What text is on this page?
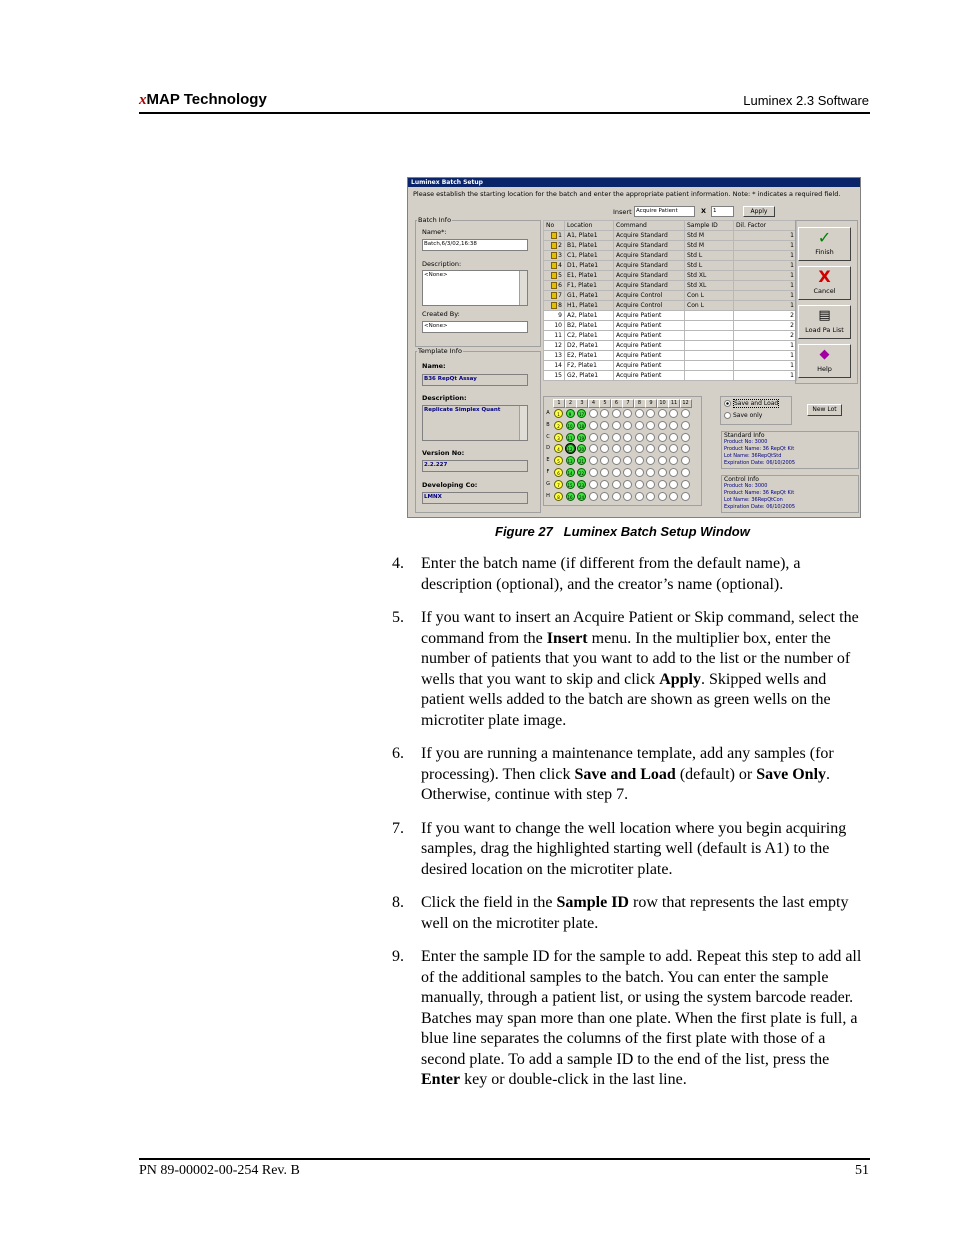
xMAP Technology	Luminex 2.3 Software
Luminex Batch Setup
Please establish the starting location for the batch and enter the appropriate patient information. Note: * indicates a required field.
Batch Info
Name*:
Batch,6/3/02,16:38
Description:
<None>
Created By:
<None>
Template Info
Name:
B36 RepQt Assay
Description:
Replicate Simplex Quant
Version No:
2.2.227
Developing Co:
LMNX
Insert Acquire Patient	X	1	Apply
No	Location	Command	Sample ID	Dil. Factor
1	A1, Plate1	Acquire Standard	Std M	1
2	B1, Plate1	Acquire Standard	Std M	1
3	C1, Plate1	Acquire Standard	Std L	1
4	D1, Plate1	Acquire Standard	Std L	1
5	E1, Plate1	Acquire Standard	Std XL	1
6	F1, Plate1	Acquire Standard	Std XL	1
7	G1, Plate1	Acquire Control	Con L	1
8	H1, Plate1	Acquire Control	Con L	1
9	A2, Plate1	Acquire Patient		2
10	B2, Plate1	Acquire Patient		2
11	C2, Plate1	Acquire Patient		2
12	D2, Plate1	Acquire Patient		1
13	E2, Plate1	Acquire Patient		1
14	F2, Plate1	Acquire Patient		1
15	G2, Plate1	Acquire Patient		1
✓
Finish
X
Cancel
▤
Load Pa List
◆
Help
1	2	3	4	5	6	7	8	9	10	11	12
A	1	9	17
B	2	10	18
C	3	11	19
D	4	12	20
E	5	13	21
F	6	14	22
G	7	15	23
H	8	16	24
Save and Load
Save only
New Lot
Standard Info
Product No: 3000
Product Name: 36 RepQt Kit
Lot Name: 36RepQtStd
Expiration Date: 06/10/2005
Control Info
Product No: 3000
Product Name: 36 RepQt Kit
Lot Name: 36RepQtCon
Expiration Date: 06/10/2005
Figure 27   Luminex Batch Setup Window
4. Enter the batch name (if different from the default name), a description (optional), and the creator’s name (optional).
5. If you want to insert an Acquire Patient or Skip command, select the command from the Insert menu. In the multiplier box, enter the number of patients that you want to add to the list or the number of wells that you want to skip and click Apply. Skipped wells and patient wells added to the batch are shown as green wells on the microtiter plate image.
6. If you are running a maintenance template, add any samples (for processing). Then click Save and Load (default) or Save Only. Otherwise, continue with step 7.
7. If you want to change the well location where you begin acquiring samples, drag the highlighted starting well (default is A1) to the desired location on the microtiter plate.
8. Click the field in the Sample ID row that represents the last empty well on the microtiter plate.
9. Enter the sample ID for the sample to add. Repeat this step to add all of the additional samples to the batch. You can enter the sample manually, through a patient list, or using the system barcode reader. Batches may span more than one plate. When the first plate is full, a blue line separates the columns of the first plate with those of a second plate. To add a sample ID to the end of the list, press the Enter key or double-click in the last line.
PN 89-00002-00-254 Rev. B	51
